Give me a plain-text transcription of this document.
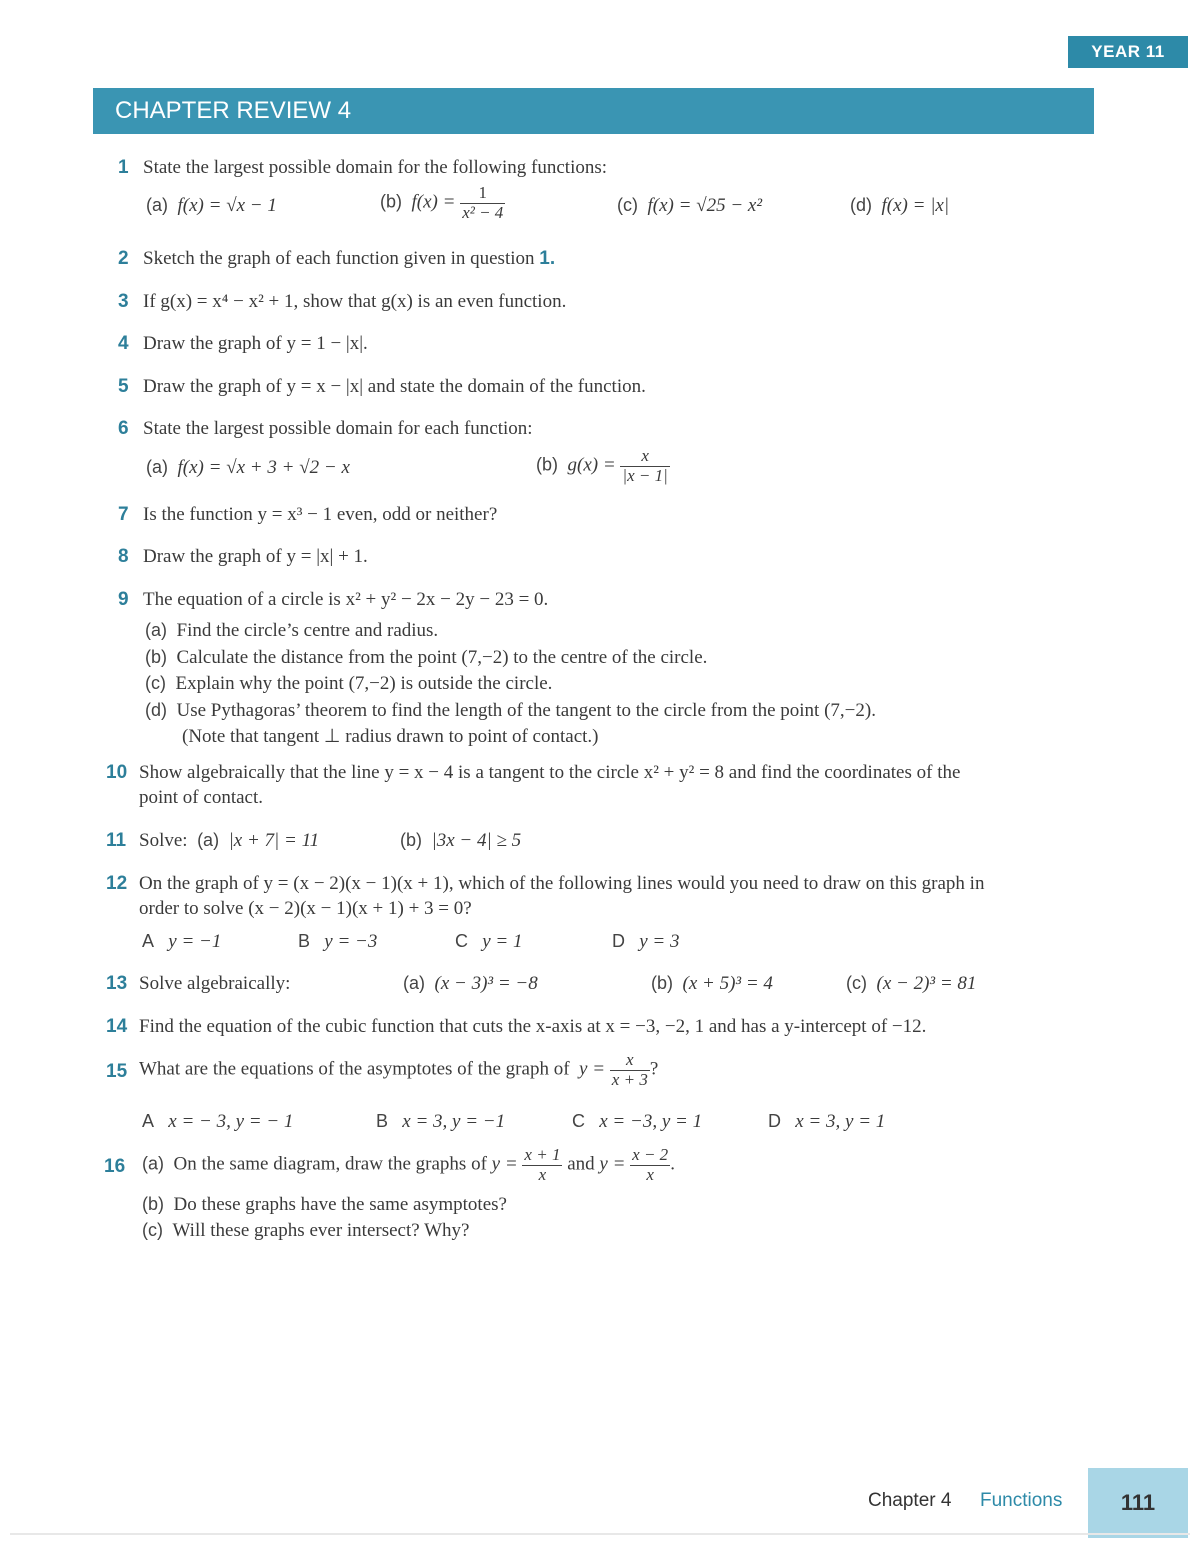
YEAR 11
CHAPTER REVIEW 4
1 State the largest possible domain for the following functions:
(a) f(x) = √x − 1	(b) $f(x) = \frac{1}{\text{x² − 4}}$	(c) f(x) = √25 − x²	(d) f(x) = |x|
2 Sketch the graph of each function given in question 1.
3 If g(x) = x⁴ − x² + 1, show that g(x) is an even function.
4 Draw the graph of y = 1 − |x|.
5 Draw the graph of y = x − |x| and state the domain of the function.
6 State the largest possible domain for each function:
(a) f(x) = √x + 3 + √2 − x	(b) $g(x) = \frac{x}{|x - 1|}$
7 Is the function y = x³ − 1 even, odd or neither?
8 Draw the graph of y = |x| + 1.
9 The equation of a circle is x² + y² − 2x − 2y − 23 = 0.
(a) Find the circle’s centre and radius.
(b) Calculate the distance from the point (7,−2) to the centre of the circle.
(c) Explain why the point (7,−2) is outside the circle.
(d) Use Pythagoras’ theorem to find the length of the tangent to the circle from the point (7,−2).
(Note that tangent ⊥ radius drawn to point of contact.)
10 Show algebraically that the line y = x − 4 is a tangent to the circle x² + y² = 8 and find the coordinates of the
point of contact.
11 Solve: (a) |x + 7| = 11	(b) |3x − 4| ≥ 5
12 On the graph of y = (x − 2)(x − 1)(x + 1), which of the following lines would you need to draw on this graph in
order to solve (x − 2)(x − 1)(x + 1) + 3 = 0?
A y = −1	B y = −3	C y = 1	D y = 3
13 Solve algebraically:	(a) (x − 3)³ = −8	(b) (x + 5)³ = 4	(c) (x − 2)³ = 81
14 Find the equation of the cubic function that cuts the x-axis at x = −3, −2, 1 and has a y-intercept of −12.
15 What are the equations of the asymptotes of the graph of $y = \frac{x}{x + 3}$ ?
A x = − 3, y = − 1	B x = 3, y = −1	C x = −3, y = 1	D x = 3, y = 1
16 (a) On the same diagram, draw the graphs of $y = \frac{x + 1}{x}$ and $y = \frac{x - 2}{x}$ .
(b) Do these graphs have the same asymptotes?
(c) Will these graphs ever intersect? Why?
Chapter 4 Functions	111
